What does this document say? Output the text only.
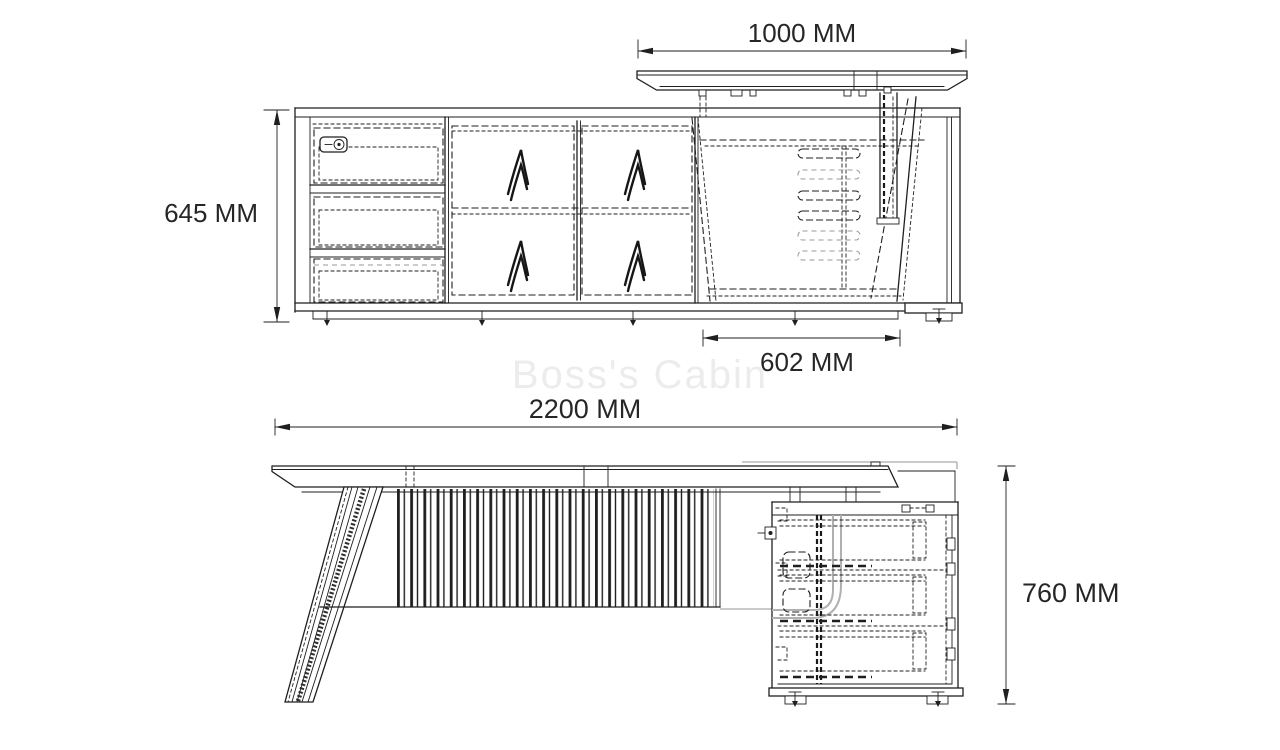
Boss's Cabin
1000 MM
645 MM
602 MM
2200 MM
760 MM
